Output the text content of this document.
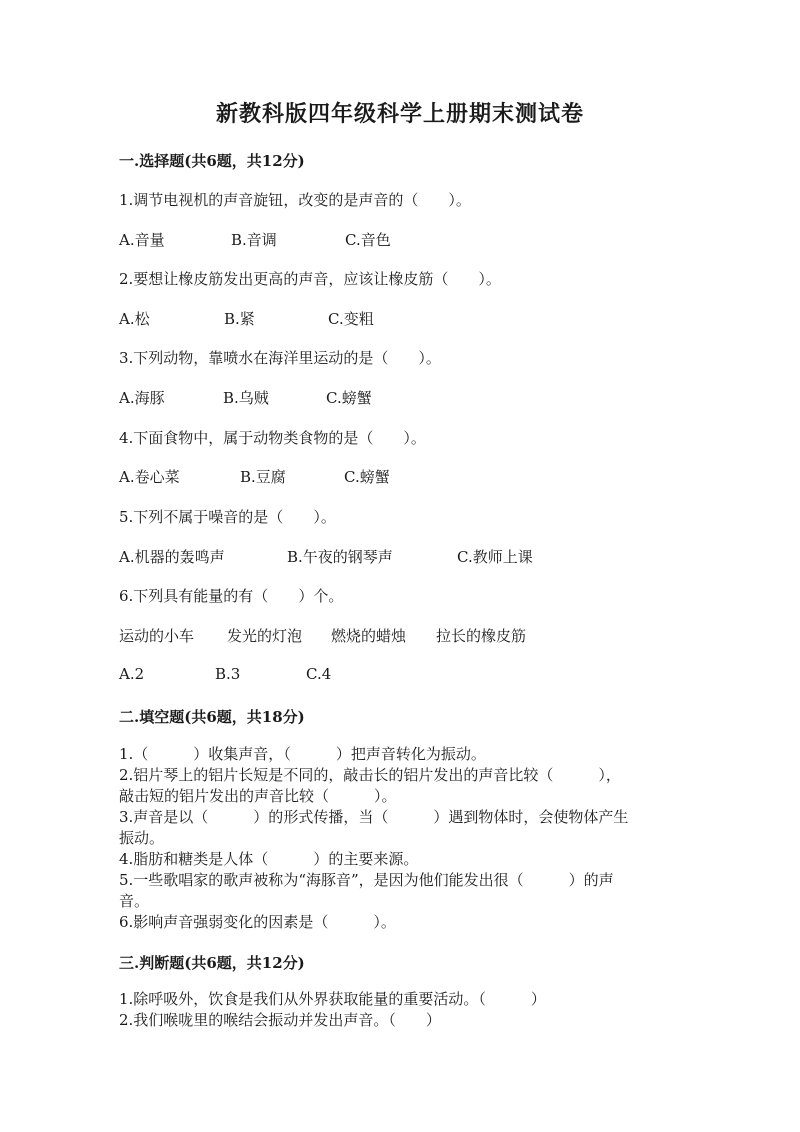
新教科版四年级科学上册期末测试卷
一.选择题(共6题，共12分)
1.调节电视机的声音旋钮，改变的是声音的（　　）。
A.音量	B.音调	C.音色
2.要想让橡皮筋发出更高的声音，应该让橡皮筋（　　）。
A.松	B.紧	C.变粗
3.下列动物，靠喷水在海洋里运动的是（　　）。
A.海豚	B.乌贼	C.螃蟹
4.下面食物中，属于动物类食物的是（　　）。
A.卷心菜	B.豆腐	C.螃蟹
5.下列不属于噪音的是（　　）。
A.机器的轰鸣声	B.午夜的钢琴声	C.教师上课
6.下列具有能量的有（　　）个。
运动的小车 发光的灯泡 燃烧的蜡烛 拉长的橡皮筋
A.2	B.3	C.4
二.填空题(共6题，共18分)
1.（　　　）收集声音，（　　　）把声音转化为振动。
2.铝片琴上的铝片长短是不同的，敲击长的铝片发出的声音比较（　　　），
敲击短的铝片发出的声音比较（　　　）。
3.声音是以（　　　）的形式传播，当（　　　）遇到物体时，会使物体产生
振动。
4.脂肪和糖类是人体（　　　）的主要来源。
5.一些歌唱家的歌声被称为“海豚音”，是因为他们能发出很（　　　）的声
音。
6.影响声音强弱变化的因素是（　　　）。
三.判断题(共6题，共12分)
1.除呼吸外，饮食是我们从外界获取能量的重要活动。（　　　）
2.我们喉咙里的喉结会振动并发出声音。（　　）
